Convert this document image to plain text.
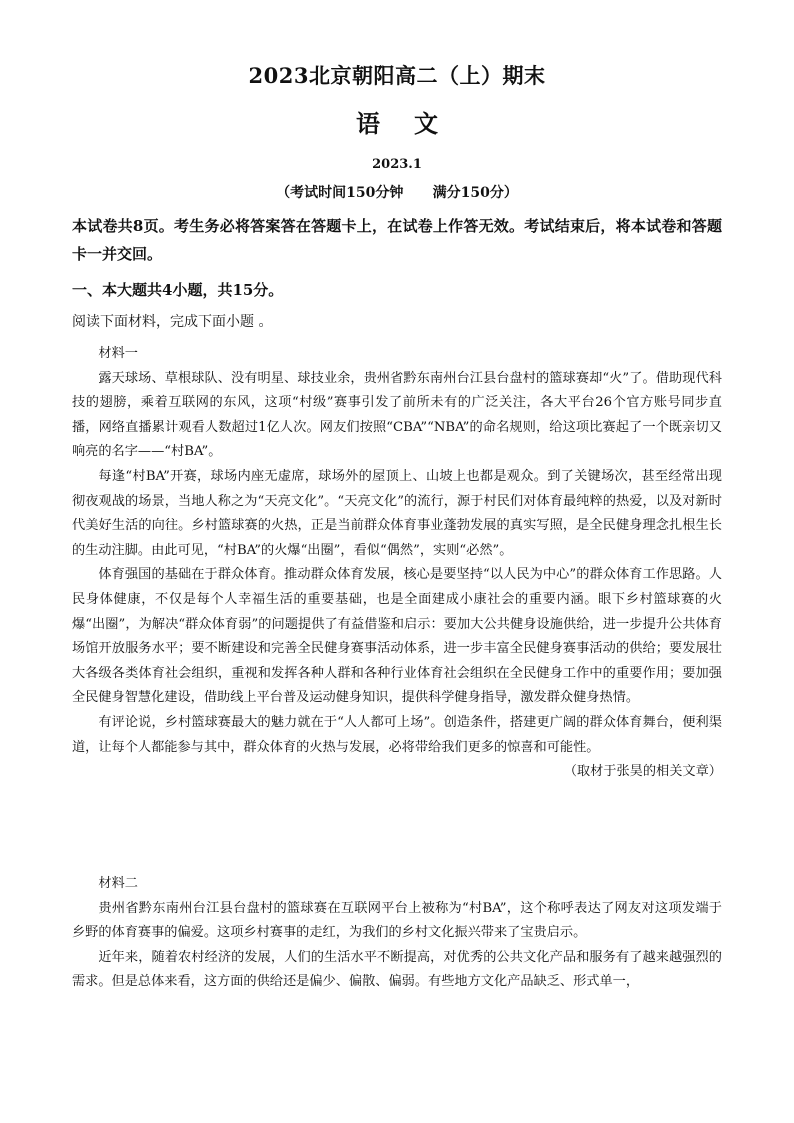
2023北京朝阳高二（上）期末
语文
2023.1
（考试时间150分钟      满分150分）
本试卷共8页。考生务必将答案答在答题卡上，在试卷上作答无效。考试结束后，将本试卷和答题卡一并交回。
一、本大题共4小题，共15分。
阅读下面材料，完成下面小题 。

材料一

露天球场、草根球队、没有明星、球技业余，贵州省黔东南州台江县台盘村的篮球赛却“火”了。借助现代科技的翅膀，乘着互联网的东风，这项“村级”赛事引发了前所未有的广泛关注，各大平台26个官方账号同步直播，网络直播累计观看人数超过1亿人次。网友们按照“CBA”“NBA”的命名规则，给这项比赛起了一个既亲切又响亮的名字——“村BA”。

每逢“村BA”开赛，球场内座无虚席，球场外的屋顶上、山坡上也都是观众。到了关键场次，甚至经常出现彻夜观战的场景，当地人称之为“天亮文化”。“天亮文化”的流行，源于村民们对体育最纯粹的热爱，以及对新时代美好生活的向往。乡村篮球赛的火热，正是当前群众体育事业蓬勃发展的真实写照，是全民健身理念扎根生长的生动注脚。由此可见，“村BA”的火爆“出圈”，看似“偶然”，实则“必然”。

体育强国的基础在于群众体育。推动群众体育发展，核心是要坚持“以人民为中心”的群众体育工作思路。人民身体健康，不仅是每个人幸福生活的重要基础，也是全面建成小康社会的重要内涵。眼下乡村篮球赛的火爆“出圈”，为解决“群众体育弱”的问题提供了有益借鉴和启示：要加大公共健身设施供给，进一步提升公共体育场馆开放服务水平；要不断建设和完善全民健身赛事活动体系，进一步丰富全民健身赛事活动的供给；要发展壮大各级各类体育社会组织，重视和发挥各种人群和各种行业体育社会组织在全民健身工作中的重要作用；要加强全民健身智慧化建设，借助线上平台普及运动健身知识，提供科学健身指导，激发群众健身热情。

有评论说，乡村篮球赛最大的魅力就在于“人人都可上场”。创造条件，搭建更广阔的群众体育舞台，便利渠道，让每个人都能参与其中，群众体育的火热与发展，必将带给我们更多的惊喜和可能性。

（取材于张昊的相关文章）

材料二

贵州省黔东南州台江县台盘村的篮球赛在互联网平台上被称为“村BA”，这个称呼表达了网友对这项发端于乡野的体育赛事的偏爱。这项乡村赛事的走红，为我们的乡村文化振兴带来了宝贵启示。

近年来，随着农村经济的发展，人们的生活水平不断提高，对优秀的公共文化产品和服务有了越来越强烈的需求。但是总体来看，这方面的供给还是偏少、偏散、偏弱。有些地方文化产品缺乏、形式单一，
